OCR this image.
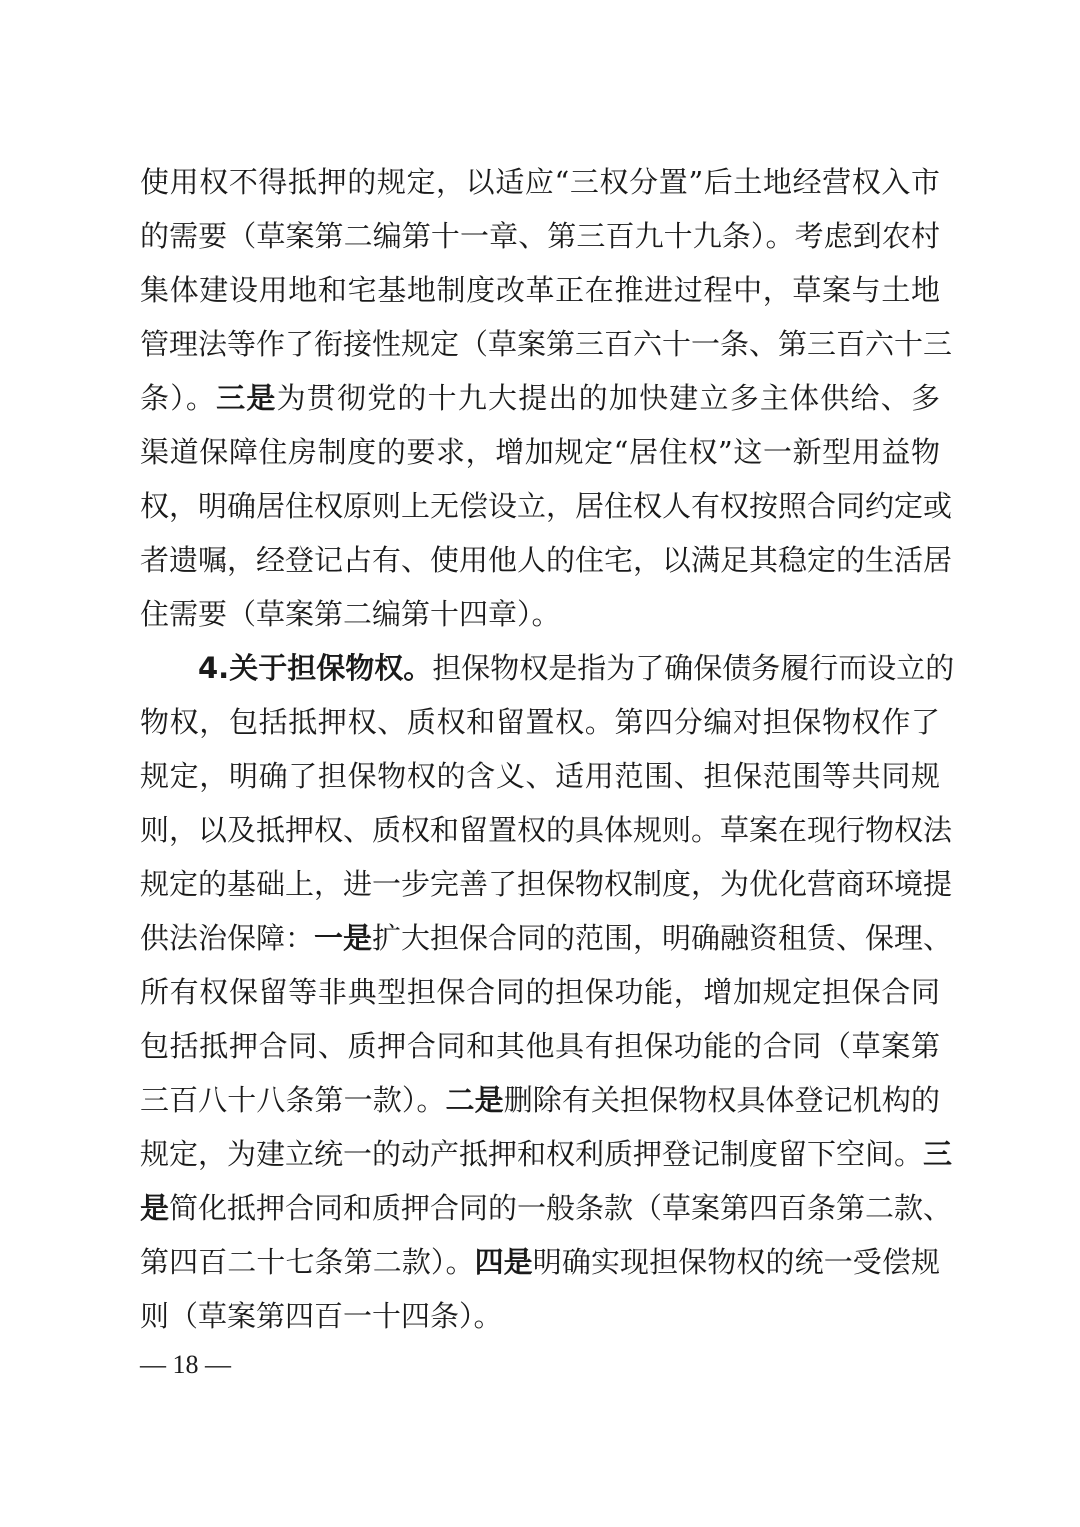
使用权不得抵押的规定，以适应“三权分置”后土地经营权入市
的需要（草案第二编第十一章、第三百九十九条）。考虑到农村
集体建设用地和宅基地制度改革正在推进过程中，草案与土地
管理法等作了衔接性规定（草案第三百六十一条、第三百六十三
条）。三是为贯彻党的十九大提出的加快建立多主体供给、多
渠道保障住房制度的要求，增加规定“居住权”这一新型用益物
权，明确居住权原则上无偿设立，居住权人有权按照合同约定或
者遗嘱，经登记占有、使用他人的住宅，以满足其稳定的生活居
住需要（草案第二编第十四章）。
4.关于担保物权。担保物权是指为了确保债务履行而设立的
物权，包括抵押权、质权和留置权。第四分编对担保物权作了
规定，明确了担保物权的含义、适用范围、担保范围等共同规
则，以及抵押权、质权和留置权的具体规则。草案在现行物权法
规定的基础上，进一步完善了担保物权制度，为优化营商环境提
供法治保障：一是扩大担保合同的范围，明确融资租赁、保理、
所有权保留等非典型担保合同的担保功能，增加规定担保合同
包括抵押合同、质押合同和其他具有担保功能的合同（草案第
三百八十八条第一款）。二是删除有关担保物权具体登记机构的
规定，为建立统一的动产抵押和权利质押登记制度留下空间。三
是简化抵押合同和质押合同的一般条款（草案第四百条第二款、
第四百二十七条第二款）。四是明确实现担保物权的统一受偿规
则（草案第四百一十四条）。
— 18 —
